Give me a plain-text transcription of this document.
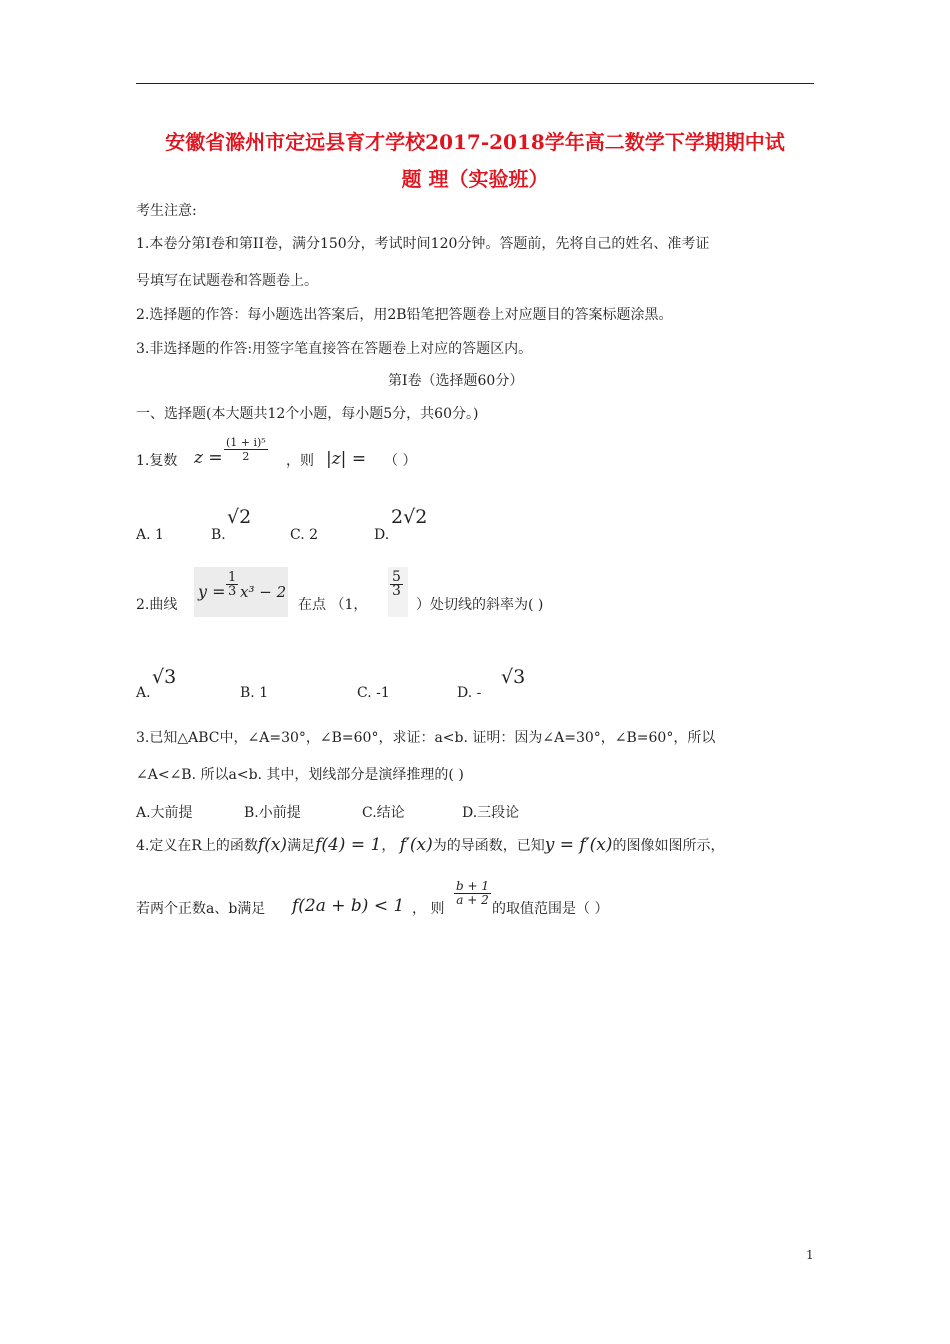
安徽省滁州市定远县育才学校2017-2018学年高二数学下学期期中试
题 理（实验班）
考生注意:
1.本卷分第I卷和第II卷，满分150分，考试时间120分钟。答题前，先将自己的姓名、准考证
号填写在试题卷和答题卷上。
2.选择题的作答：每小题选出答案后，用2B铅笔把答题卷上对应题目的答案标题涂黑。
3.非选择题的作答:用签字笔直接答在答题卷上对应的答题区内。
第I卷（选择题60分）
一、选择题(本大题共12个小题，每小题5分，共60分。)
1.复数 $z = \frac{\text{(1 + i)⁵}}{2}$ ，则 |z| = （ ）
A. 1	B.
√2
C. 2	D.
2√2
2.曲线
$y = \frac{1}{3} x^3 - 2$
在点 （1，
$\frac{5}{3}$
）处切线的斜率为( )
A.
√3
B. 1	C. -1	D. -
√3
3.已知△ABC中，∠A=30°，∠B=60°，求证：a<b. 证明：因为∠A=30°，∠B=60°，所以
∠A<∠B. 所以a<b. 其中，划线部分是演绎推理的( )
A.大前提	B.小前提	C.结论	D.三段论
4.定义在R上的函数f(x)满足f(4) = 1， f′(x)为的导函数，已知y = f′(x)的图像如图所示，
若两个正数a、b满足 f(2a + b) < 1 ， 则
$\frac{b + 1}{a + 2}$
的取值范围是（ ）
1
